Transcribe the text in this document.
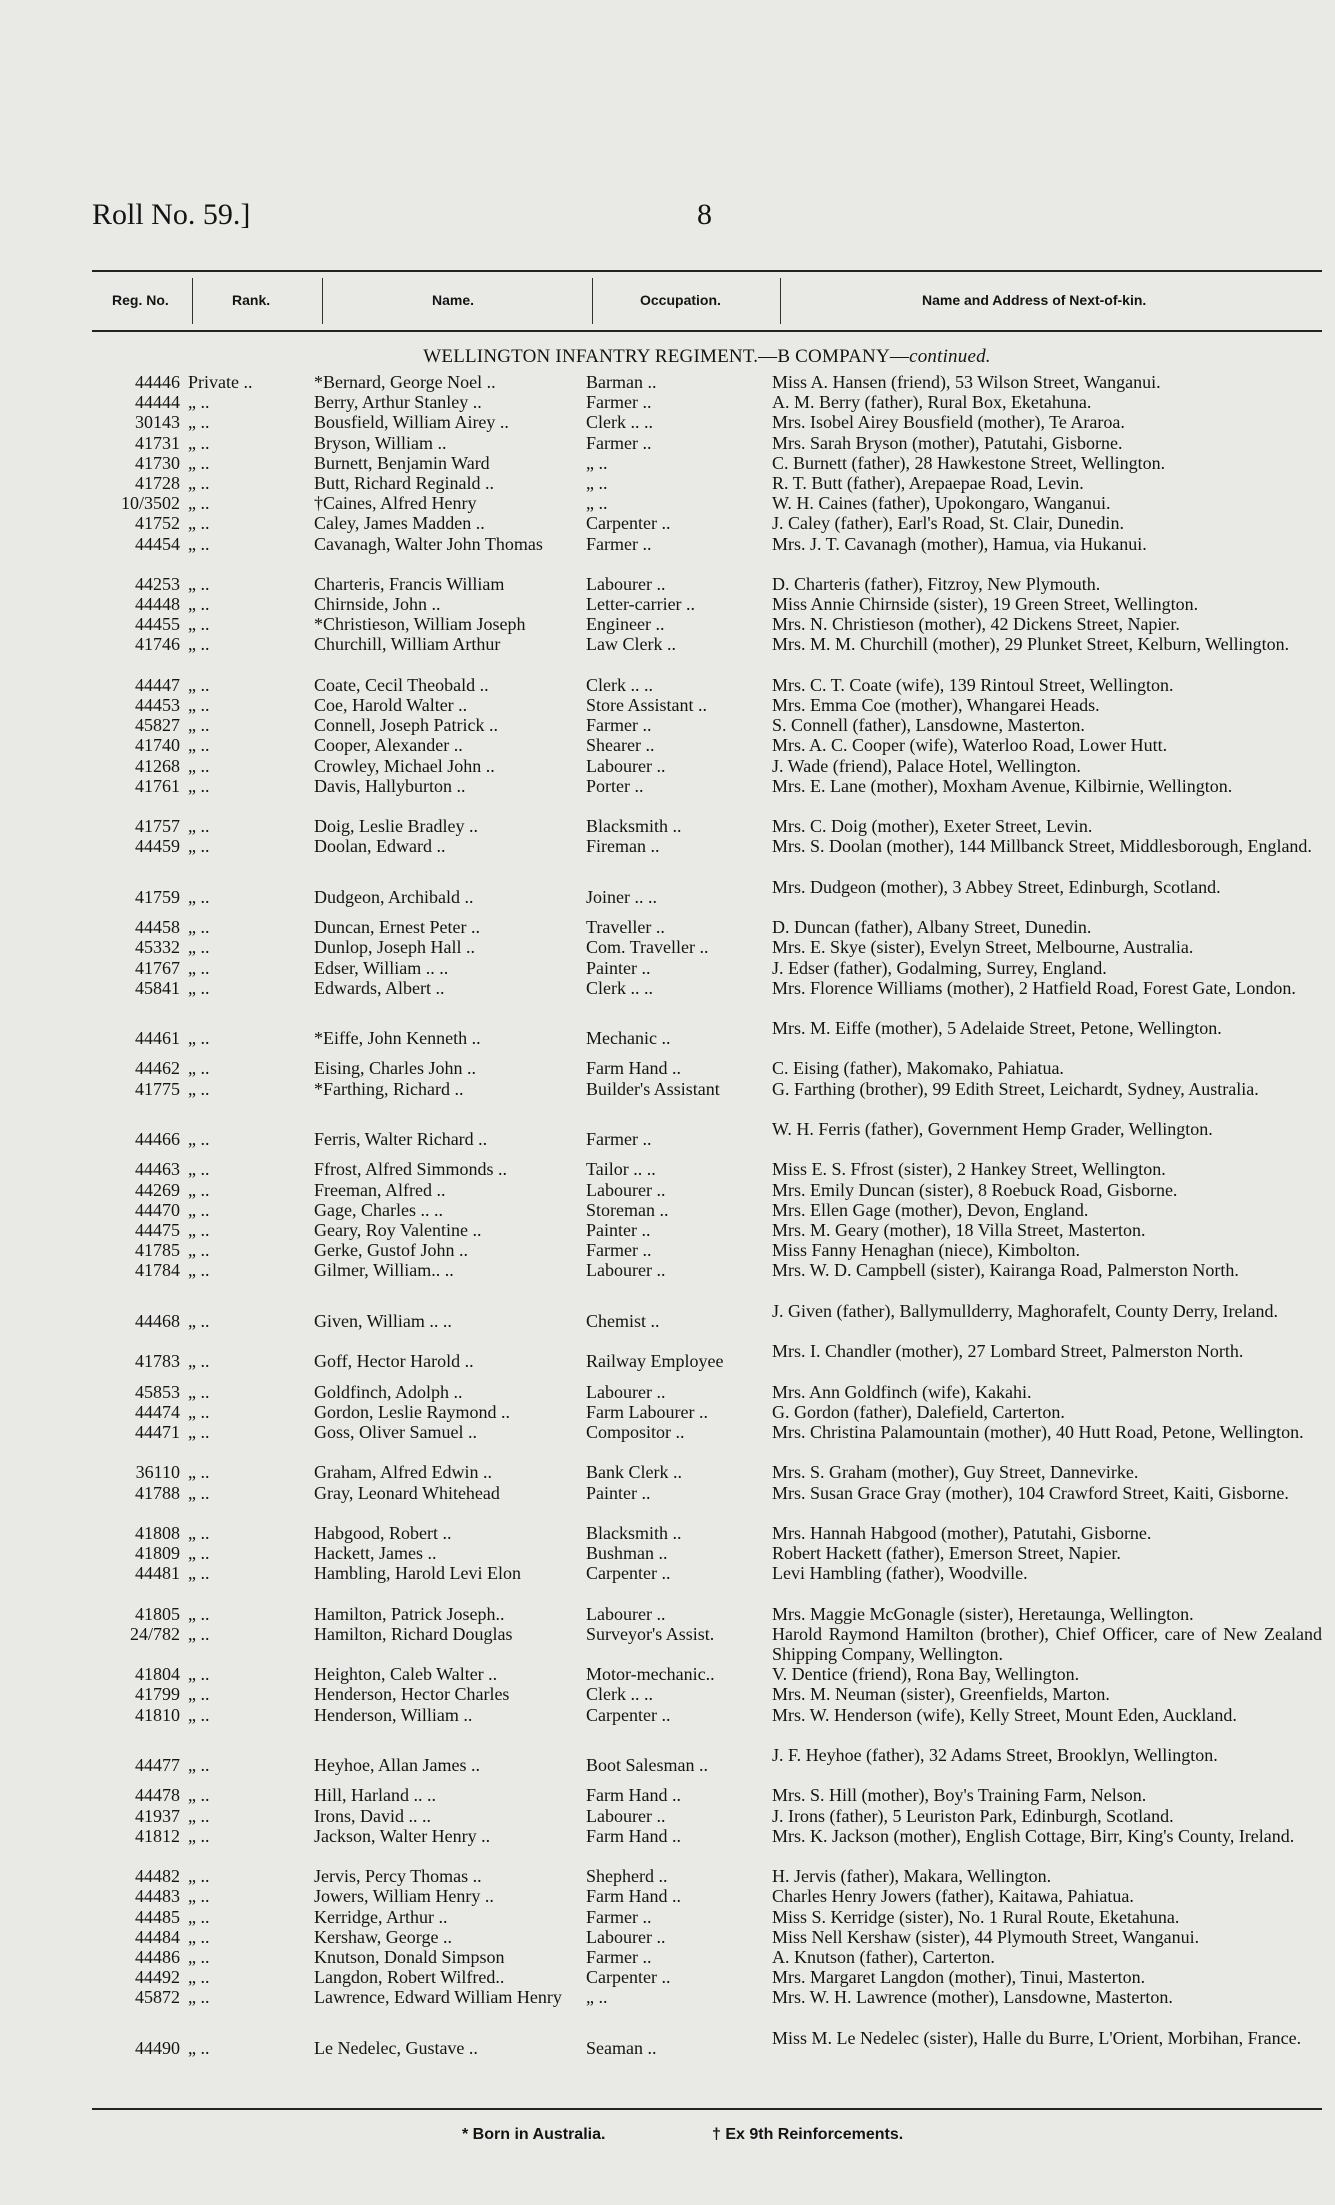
Roll No. 59.]	8
Reg. No.	Rank.	Name.	Occupation.	Name and Address of Next-of-kin.
WELLINGTON INFANTRY REGIMENT.—B COMPANY—continued.
44446 Private ..	*Bernard, George Noel ..	Barman ..	Miss A. Hansen (friend), 53 Wilson Street, Wanganui.
44444 „ ..	Berry, Arthur Stanley ..	Farmer ..	A. M. Berry (father), Rural Box, Eketahuna.
30143 „ ..	Bousfield, William Airey ..	Clerk .. ..	Mrs. Isobel Airey Bousfield (mother), Te Araroa.
41731 „ ..	Bryson, William ..	Farmer ..	Mrs. Sarah Bryson (mother), Patutahi, Gisborne.
41730 „ ..	Burnett, Benjamin Ward	„ ..	C. Burnett (father), 28 Hawkestone Street, Wellington.
41728 „ ..	Butt, Richard Reginald ..	„ ..	R. T. Butt (father), Arepaepae Road, Levin.
10/3502 „ ..	†Caines, Alfred Henry	„ ..	W. H. Caines (father), Upokongaro, Wanganui.
41752 „ ..	Caley, James Madden ..	Carpenter ..	J. Caley (father), Earl's Road, St. Clair, Dunedin.
44454 „ ..	Cavanagh, Walter John Thomas	Farmer ..	Mrs. J. T. Cavanagh (mother), Hamua, via Hukanui.
44253 „ ..	Charteris, Francis William	Labourer ..	D. Charteris (father), Fitzroy, New Plymouth.
44448 „ ..	Chirnside, John ..	Letter-carrier ..	Miss Annie Chirnside (sister), 19 Green Street, Wellington.
44455 „ ..	*Christieson, William Joseph	Engineer ..	Mrs. N. Christieson (mother), 42 Dickens Street, Napier.
41746 „ ..	Churchill, William Arthur	Law Clerk ..	Mrs. M. M. Churchill (mother), 29 Plunket Street, Kelburn, Wellington.
44447 „ ..	Coate, Cecil Theobald ..	Clerk .. ..	Mrs. C. T. Coate (wife), 139 Rintoul Street, Wellington.
44453 „ ..	Coe, Harold Walter ..	Store Assistant ..	Mrs. Emma Coe (mother), Whangarei Heads.
45827 „ ..	Connell, Joseph Patrick ..	Farmer ..	S. Connell (father), Lansdowne, Masterton.
41740 „ ..	Cooper, Alexander ..	Shearer ..	Mrs. A. C. Cooper (wife), Waterloo Road, Lower Hutt.
41268 „ ..	Crowley, Michael John ..	Labourer ..	J. Wade (friend), Palace Hotel, Wellington.
41761 „ ..	Davis, Hallyburton ..	Porter ..	Mrs. E. Lane (mother), Moxham Avenue, Kilbirnie, Wellington.
41757 „ ..	Doig, Leslie Bradley ..	Blacksmith ..	Mrs. C. Doig (mother), Exeter Street, Levin.
44459 „ ..	Doolan, Edward ..	Fireman ..	Mrs. S. Doolan (mother), 144 Millbanck Street, Middlesborough, England.
41759 „ ..	Dudgeon, Archibald ..	Joiner .. ..
Mrs. Dudgeon (mother), 3 Abbey Street, Edinburgh, Scotland.
44458 „ ..	Duncan, Ernest Peter ..	Traveller ..	D. Duncan (father), Albany Street, Dunedin.
45332 „ ..	Dunlop, Joseph Hall ..	Com. Traveller ..	Mrs. E. Skye (sister), Evelyn Street, Melbourne, Australia.
41767 „ ..	Edser, William .. ..	Painter ..	J. Edser (father), Godalming, Surrey, England.
45841 „ ..	Edwards, Albert ..	Clerk .. ..	Mrs. Florence Williams (mother), 2 Hatfield Road, Forest Gate, London.
44461 „ ..	*Eiffe, John Kenneth ..	Mechanic ..
Mrs. M. Eiffe (mother), 5 Adelaide Street, Petone, Wellington.
44462 „ ..	Eising, Charles John ..	Farm Hand ..	C. Eising (father), Makomako, Pahiatua.
41775 „ ..	*Farthing, Richard ..	Builder's Assistant	G. Farthing (brother), 99 Edith Street, Leichardt, Sydney, Australia.
44466 „ ..	Ferris, Walter Richard ..	Farmer ..
W. H. Ferris (father), Government Hemp Grader, Wellington.
44463 „ ..	Ffrost, Alfred Simmonds ..	Tailor .. ..	Miss E. S. Ffrost (sister), 2 Hankey Street, Wellington.
44269 „ ..	Freeman, Alfred ..	Labourer ..	Mrs. Emily Duncan (sister), 8 Roebuck Road, Gisborne.
44470 „ ..	Gage, Charles .. ..	Storeman ..	Mrs. Ellen Gage (mother), Devon, England.
44475 „ ..	Geary, Roy Valentine ..	Painter ..	Mrs. M. Geary (mother), 18 Villa Street, Masterton.
41785 „ ..	Gerke, Gustof John ..	Farmer ..	Miss Fanny Henaghan (niece), Kimbolton.
41784 „ ..	Gilmer, William.. ..	Labourer ..	Mrs. W. D. Campbell (sister), Kairanga Road, Palmerston North.
44468 „ ..	Given, William .. ..	Chemist ..
J. Given (father), Ballymullderry, Maghorafelt, County Derry, Ireland.
41783 „ ..	Goff, Hector Harold ..	Railway Employee
Mrs. I. Chandler (mother), 27 Lombard Street, Palmerston North.
45853 „ ..	Goldfinch, Adolph ..	Labourer ..	Mrs. Ann Goldfinch (wife), Kakahi.
44474 „ ..	Gordon, Leslie Raymond ..	Farm Labourer ..	G. Gordon (father), Dalefield, Carterton.
44471 „ ..	Goss, Oliver Samuel ..	Compositor ..	Mrs. Christina Palamountain (mother), 40 Hutt Road, Petone, Wellington.
36110 „ ..	Graham, Alfred Edwin ..	Bank Clerk ..	Mrs. S. Graham (mother), Guy Street, Dannevirke.
41788 „ ..	Gray, Leonard Whitehead	Painter ..	Mrs. Susan Grace Gray (mother), 104 Crawford Street, Kaiti, Gisborne.
41808 „ ..	Habgood, Robert ..	Blacksmith ..	Mrs. Hannah Habgood (mother), Patutahi, Gisborne.
41809 „ ..	Hackett, James ..	Bushman ..	Robert Hackett (father), Emerson Street, Napier.
44481 „ ..	Hambling, Harold Levi Elon	Carpenter ..	Levi Hambling (father), Woodville.
41805 „ ..	Hamilton, Patrick Joseph..	Labourer ..	Mrs. Maggie McGonagle (sister), Heretaunga, Wellington.
24/782 „ ..	Hamilton, Richard Douglas	Surveyor's Assist.	Harold Raymond Hamilton (brother), Chief Officer, care of New Zealand Shipping Company, Wellington.
41804 „ ..	Heighton, Caleb Walter ..	Motor-mechanic..	V. Dentice (friend), Rona Bay, Wellington.
41799 „ ..	Henderson, Hector Charles	Clerk .. ..	Mrs. M. Neuman (sister), Greenfields, Marton.
41810 „ ..	Henderson, William ..	Carpenter ..	Mrs. W. Henderson (wife), Kelly Street, Mount Eden, Auckland.
44477 „ ..	Heyhoe, Allan James ..	Boot Salesman ..
J. F. Heyhoe (father), 32 Adams Street, Brooklyn, Wellington.
44478 „ ..	Hill, Harland .. ..	Farm Hand ..	Mrs. S. Hill (mother), Boy's Training Farm, Nelson.
41937 „ ..	Irons, David .. ..	Labourer ..	J. Irons (father), 5 Leuriston Park, Edinburgh, Scotland.
41812 „ ..	Jackson, Walter Henry ..	Farm Hand ..	Mrs. K. Jackson (mother), English Cottage, Birr, King's County, Ireland.
44482 „ ..	Jervis, Percy Thomas ..	Shepherd ..	H. Jervis (father), Makara, Wellington.
44483 „ ..	Jowers, William Henry ..	Farm Hand ..	Charles Henry Jowers (father), Kaitawa, Pahiatua.
44485 „ ..	Kerridge, Arthur ..	Farmer ..	Miss S. Kerridge (sister), No. 1 Rural Route, Eketahuna.
44484 „ ..	Kershaw, George ..	Labourer ..	Miss Nell Kershaw (sister), 44 Plymouth Street, Wanganui.
44486 „ ..	Knutson, Donald Simpson	Farmer ..	A. Knutson (father), Carterton.
44492 „ ..	Langdon, Robert Wilfred..	Carpenter ..	Mrs. Margaret Langdon (mother), Tinui, Masterton.
45872 „ ..	Lawrence, Edward William Henry	„ ..	Mrs. W. H. Lawrence (mother), Lansdowne, Masterton.
44490 „ ..	Le Nedelec, Gustave ..	Seaman ..
Miss M. Le Nedelec (sister), Halle du Burre, L'Orient, Morbihan, France.
* Born in Australia.	† Ex 9th Reinforcements.
